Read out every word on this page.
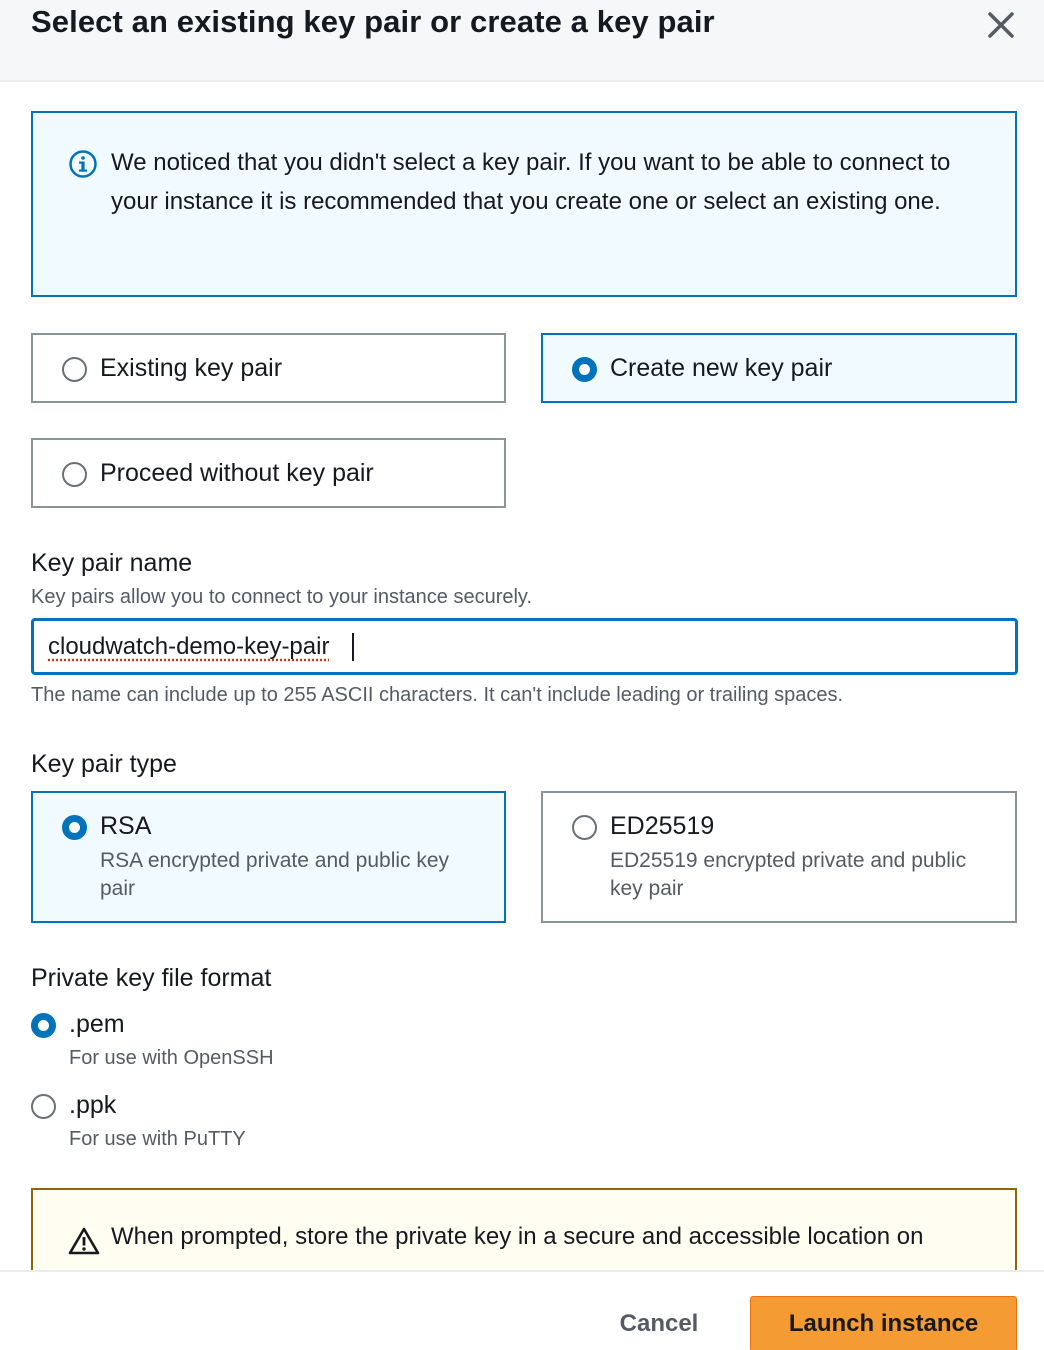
Select an existing key pair or create a key pair
We noticed that you didn't select a key pair. If you want to be able to connect to your instance it is recommended that you create one or select an existing one.
Existing key pair	Create new key pair
Proceed without key pair
Key pair name
Key pairs allow you to connect to your instance securely.
cloudwatch-demo-key-pair
The name can include up to 255 ASCII characters. It can't include leading or trailing spaces.
Key pair type
RSA
RSA encrypted private and public key pair
ED25519
ED25519 encrypted private and public key pair
Private key file format
.pem
For use with OpenSSH
.ppk
For use with PuTTY
When prompted, store the private key in a secure and accessible location on
Cancel	Launch instance
